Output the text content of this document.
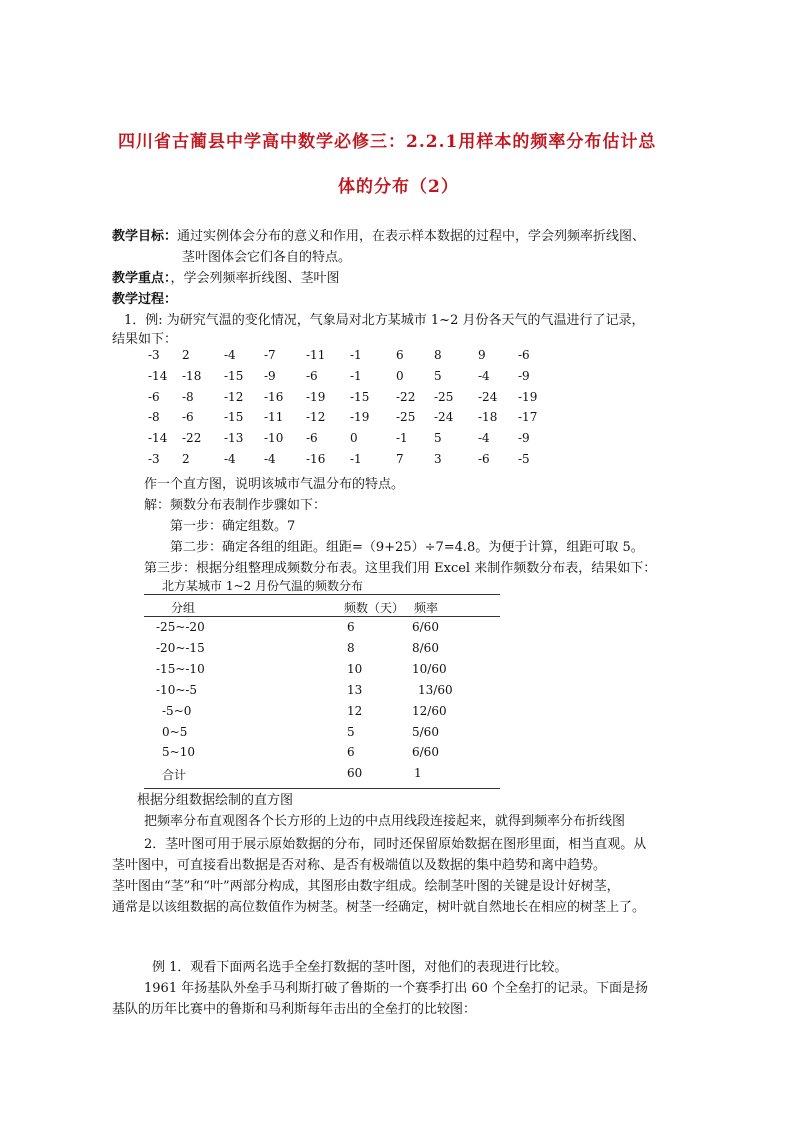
四川省古蔺县中学高中数学必修三：2.2.1用样本的频率分布估计总
体的分布（2）
教学目标：通过实例体会分布的意义和作用，在表示样本数据的过程中，学会列频率折线图、
茎叶图体会它们各自的特点。
教学重点：，学会列频率折线图、茎叶图
教学过程：
1．例: 为研究气温的变化情况，气象局对北方某城市 1~2 月份各天气的气温进行了记录，
结果如下：
-3 2	-4 -7	-11 -1	6	8	9	-6
-14 -18 -15 -9	-6	-1	0	5	-4 -9
-6 -8	-12 -16 -19 -15 -22 -25 -24 -19
-8 -6	-15 -11 -12 -19 -25 -24 -18 -17
-14 -22 -13 -10 -6	0	-1 5	-4 -9
-3 2	-4 -4	-16 -1	7	3	-6 -5
作一个直方图，说明该城市气温分布的特点。
解：频数分布表制作步骤如下：
第一步：确定组数。7
第二步：确定各组的组距。组距=（9+25）÷7=4.8。为便于计算，组距可取 5。
第三步：根据分组整理成频数分布表。这里我们用 Excel 来制作频数分布表，结果如下：
北方某城市 1~2 月份气温的频数分布
分组	频数（天） 频率
-25~-20	6	6/60
-20~-15	8	8/60
-15~-10	10	10/60
-10~-5	13	13/60
-5~0	12	12/60
0~5	5	5/60
5~10	6	6/60
合计	60	1
根据分组数据绘制的直方图
把频率分布直观图各个长方形的上边的中点用线段连接起来，就得到频率分布折线图
2．茎叶图可用于展示原始数据的分布，同时还保留原始数据在图形里面，相当直观。从
茎叶图中，可直接看出数据是否对称、是否有极端值以及数据的集中趋势和离中趋势。
茎叶图由“茎”和“叶”两部分构成，其图形由数字组成。绘制茎叶图的关键是设计好树茎，
通常是以该组数据的高位数值作为树茎。树茎一经确定，树叶就自然地长在相应的树茎上了。
例 1．观看下面两名选手全垒打数据的茎叶图，对他们的表现进行比较。
1961 年扬基队外垒手马利斯打破了鲁斯的一个赛季打出 60 个全垒打的记录。下面是扬
基队的历年比赛中的鲁斯和马利斯每年击出的全垒打的比较图：
